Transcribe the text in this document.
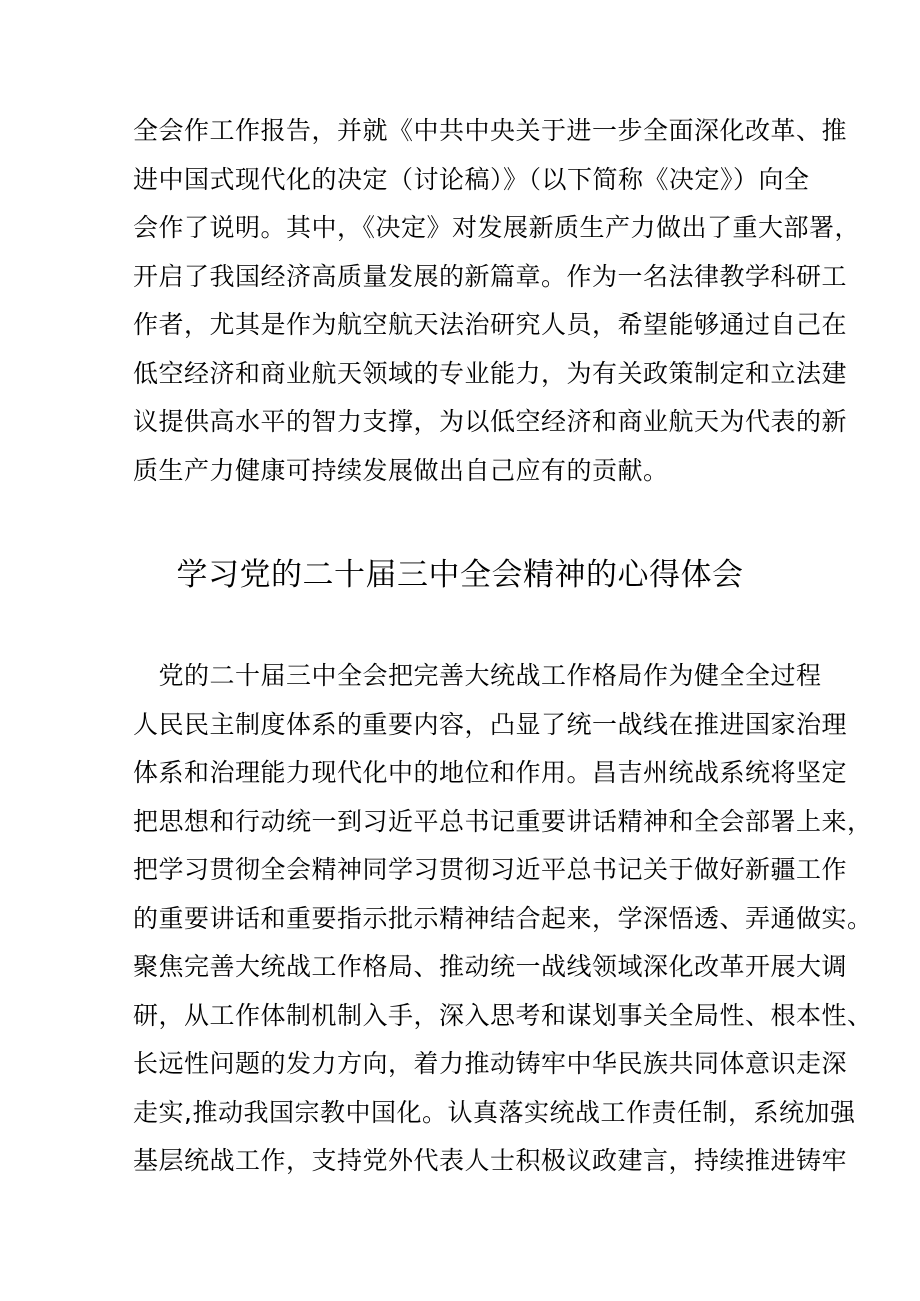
全会作工作报告，并就《中共中央关于进一步全面深化改革、推
进中国式现代化的决定（讨论稿）》（以下简称《决定》）向全
会作了说明。其中，《决定》对发展新质生产力做出了重大部署，
开启了我国经济高质量发展的新篇章。作为一名法律教学科研工
作者，尤其是作为航空航天法治研究人员，希望能够通过自己在
低空经济和商业航天领域的专业能力，为有关政策制定和立法建
议提供高水平的智力支撑，为以低空经济和商业航天为代表的新
质生产力健康可持续发展做出自己应有的贡献。
学习党的二十届三中全会精神的心得体会
　党的二十届三中全会把完善大统战工作格局作为健全全过程
人民民主制度体系的重要内容，凸显了统一战线在推进国家治理
体系和治理能力现代化中的地位和作用。昌吉州统战系统将坚定
把思想和行动统一到习近平总书记重要讲话精神和全会部署上来，
把学习贯彻全会精神同学习贯彻习近平总书记关于做好新疆工作
的重要讲话和重要指示批示精神结合起来，学深悟透、弄通做实。
聚焦完善大统战工作格局、推动统一战线领域深化改革开展大调
研，从工作体制机制入手，深入思考和谋划事关全局性、根本性、
长远性问题的发力方向，着力推动铸牢中华民族共同体意识走深
走实,推动我国宗教中国化。认真落实统战工作责任制，系统加强
基层统战工作，支持党外代表人士积极议政建言，持续推进铸牢
